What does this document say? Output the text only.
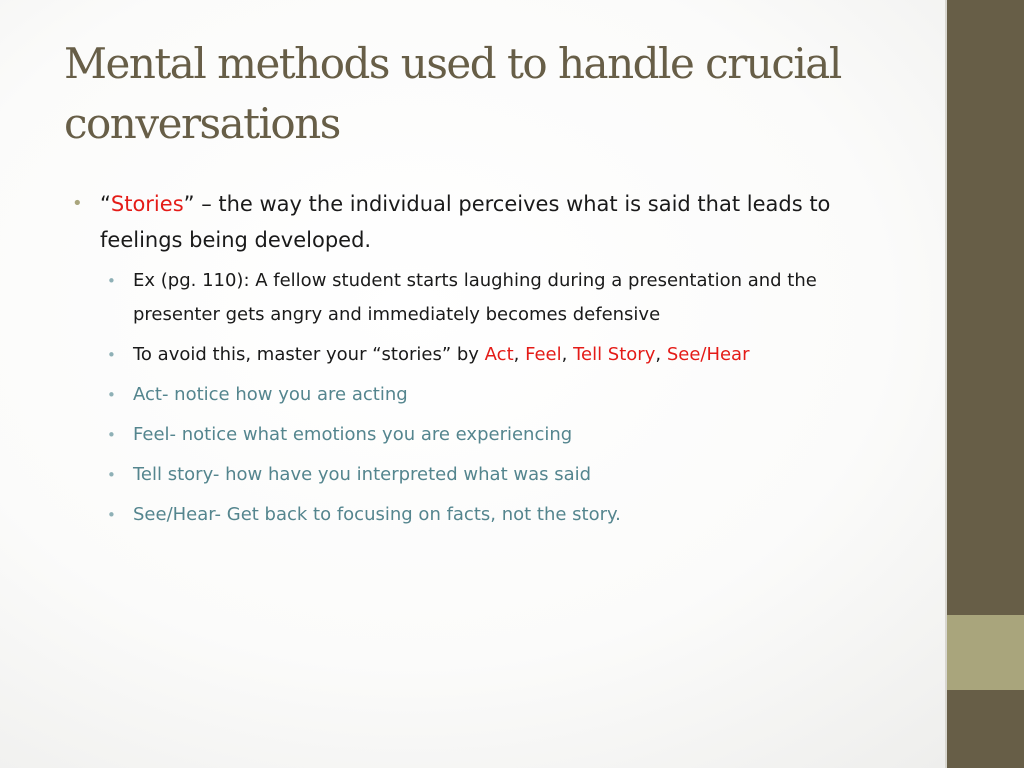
Mental methods used to handle crucial conversations
• “Stories” – the way the individual perceives what is said that leads to feelings being developed.
• Ex (pg. 110): A fellow student starts laughing during a presentation and the presenter gets angry and immediately becomes defensive
• To avoid this, master your “stories” by Act, Feel, Tell Story, See/Hear
• Act- notice how you are acting
• Feel- notice what emotions you are experiencing
• Tell story- how have you interpreted what was said
• See/Hear- Get back to focusing on facts, not the story.
